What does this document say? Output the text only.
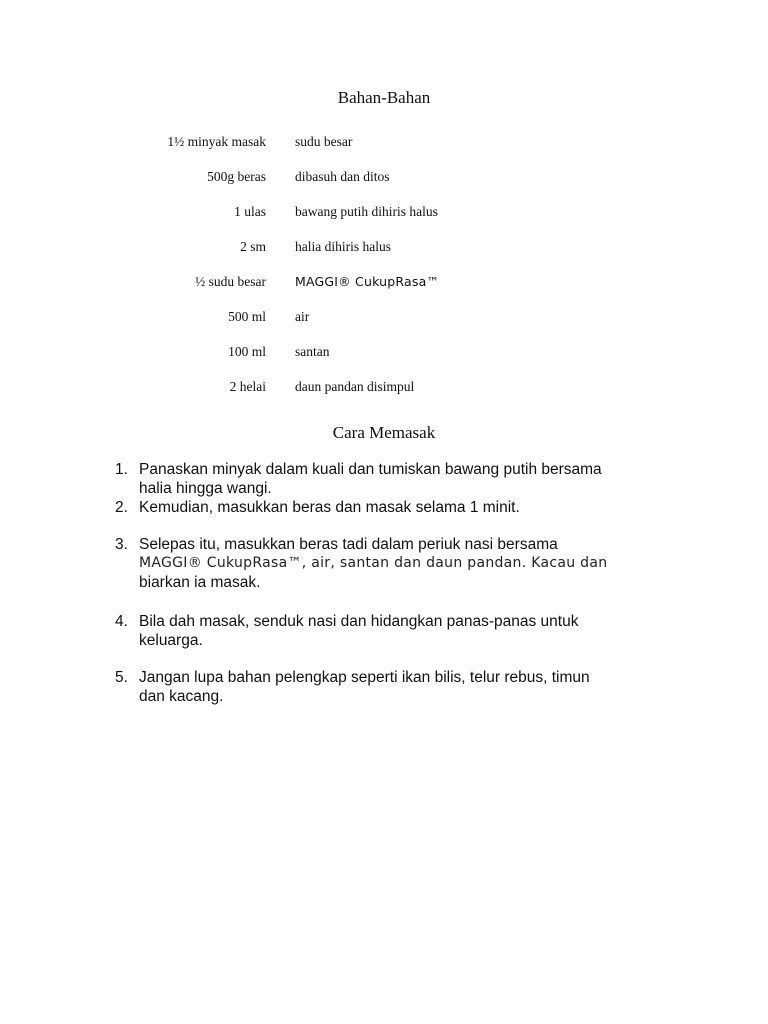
Bahan-Bahan
1½ minyak masak sudu besar
500g beras dibasuh dan ditos
1 ulas bawang putih dihiris halus
2 sm halia dihiris halus
½ sudu besar MAGGI® CukupRasa™
500 ml air
100 ml santan
2 helai daun pandan disimpul
Cara Memasak
1. Panaskan minyak dalam kuali dan tumiskan bawang putih bersama
halia hingga wangi.
2. Kemudian, masukkan beras dan masak selama 1 minit.
3. Selepas itu, masukkan beras tadi dalam periuk nasi bersama
MAGGI® CukupRasa™, air, santan dan daun pandan. Kacau dan
biarkan ia masak.
4. Bila dah masak, senduk nasi dan hidangkan panas-panas untuk
keluarga.
5. Jangan lupa bahan pelengkap seperti ikan bilis, telur rebus, timun
dan kacang.
